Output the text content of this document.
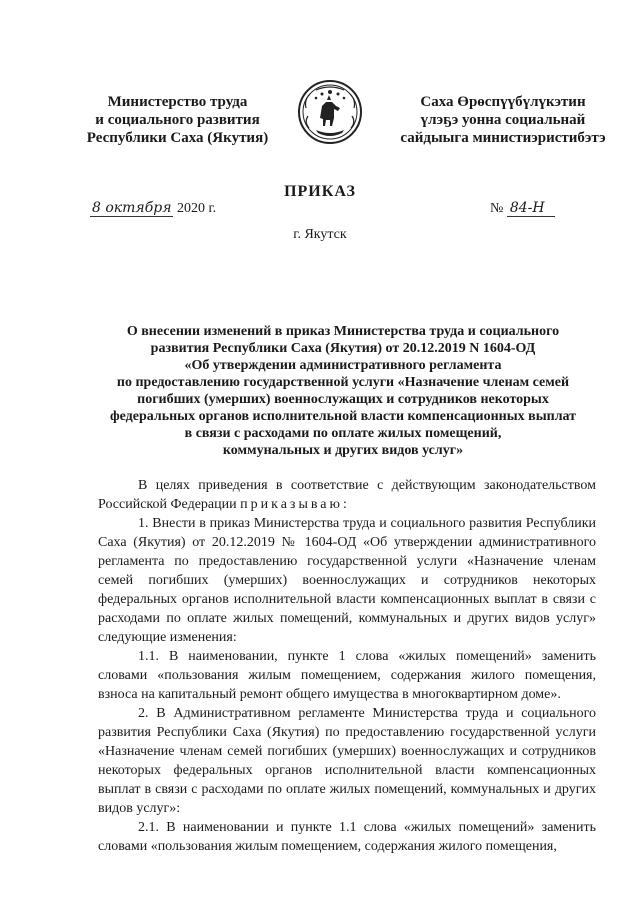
Министерство труда
и социального развития
Республики Саха (Якутия)
Саха Өрөспүүбүлүкэтин
үлэҕэ уонна социальнай
сайдыыга министиэристибэтэ
ПРИКАЗ
8 октября 2020 г.	№ 84-Н
г. Якутск
О внесении изменений в приказ Министерства труда и социального
развития Республики Саха (Якутия) от 20.12.2019 N 1604-ОД
«Об утверждении административного регламента
по предоставлению государственной услуги «Назначение членам семей
погибших (умерших) военнослужащих и сотрудников некоторых
федеральных органов исполнительной власти компенсационных выплат
в связи с расходами по оплате жилых помещений,
коммунальных и других видов услуг»

В целях приведения в соответствие с действующим законодательством Российской Федерации приказываю:

1. Внести в приказ Министерства труда и социального развития Республики Саха (Якутия) от 20.12.2019 № 1604-ОД «Об утверждении административного регламента по предоставлению государственной услуги «Назначение членам семей погибших (умерших) военнослужащих и сотрудников некоторых федеральных органов исполнительной власти компенсационных выплат в связи с расходами по оплате жилых помещений, коммунальных и других видов услуг» следующие изменения:

1.1. В наименовании, пункте 1 слова «жилых помещений» заменить словами «пользования жилым помещением, содержания жилого помещения, взноса на капитальный ремонт общего имущества в многоквартирном доме».

2. В Административном регламенте Министерства труда и социального развития Республики Саха (Якутия) по предоставлению государственной услуги «Назначение членам семей погибших (умерших) военнослужащих и сотрудников некоторых федеральных органов исполнительной власти компенсационных выплат в связи с расходами по оплате жилых помещений, коммунальных и других видов услуг»:

2.1. В наименовании и пункте 1.1 слова «жилых помещений» заменить словами «пользования жилым помещением, содержания жилого помещения,
